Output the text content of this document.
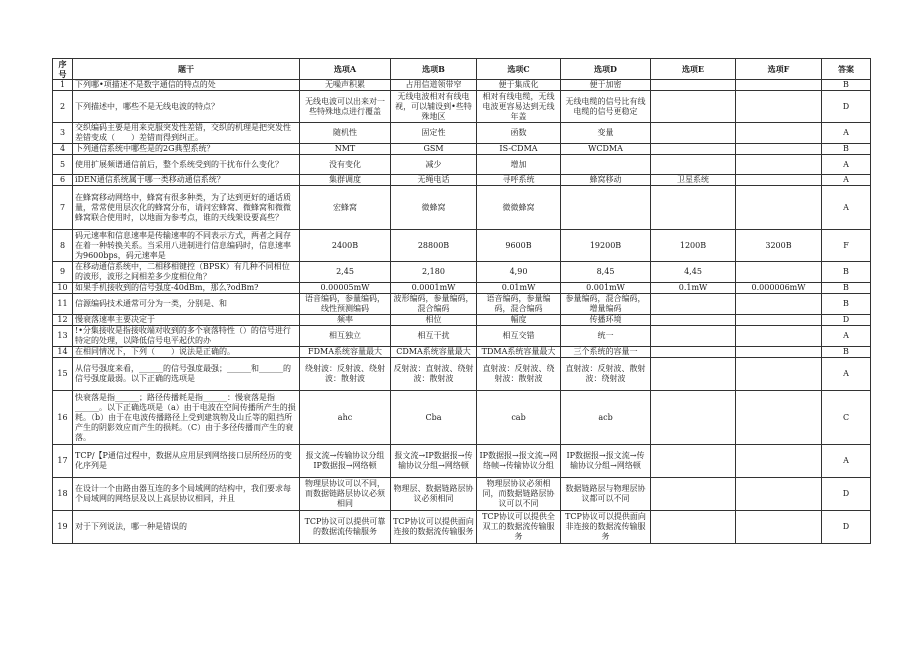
序号	题干	选项A	选项B	选项C	选项D	选项E	选项F	答案
1	下列哪•项描述不是数字通信的特点的处	无噪声积累	占用信道领带窄	便于集成化	便于加密			B
2	下列描述中，哪些不是无线电波的特点？	无线电波可以出来对一些特殊地点进行覆盖	无线电波相对有线电视，可以辅设到•些特殊地区	相对有线电缆，无线电波更容易达到无线年盖	无线电缆的信号比有线电缆的信号更稳定			D
3	交织编码主要是用来克服突发性差错，交织的机理是把突发性差错变成（　　）差错而得到纠正。	随机性	固定性	函数	变量			A
4	卜列通信系统中哪些是的2G典型系统？	NMT	GSM	IS-CDMA	WCDMA			B
5	使用扩展频谱通信前后，整个系统受到的干扰布什么变化？	没有变化	减少	增加				A
6	iDEN通信系统属于哪一类移动通信系统？	集群调度	无绳电话	寻呼系统	蜂窝移动	卫星系统		A
7	在蜂窝移动网络中，蜂窝有很多种类，为了达到更好的通话质量，常常使用层次化的蜂窝分布，请问宏蜂窝、微蜂窝和微微蜂窝联合使用时，以地面为参考点，谁的天线架设要高些？	宏蜂窝	微蜂窝	微微蜂窝				A
8	码元速率和信息速率是传输速率的不同表示方式，两者之间存在着一种转换关系。当采用八进制进行信息编码时，信息速率为9600bps，码元速率是	2400B	28800B	9600B	19200B	1200B	3200B	F
9	在移动通信系统中，二相移相键控（BPSK）有几种不同相位的波形，波形之间相差多少度相位角？	2,45	2,180	4,90	8,45	4,45		B
10	如果手机接收到的信号强度-40dBm，那么?odBm?	0.00005mW	0.0001mW	0.01mW	0.001mW	0.1mW	0.000006mW	B
11	信源编码技术通常可分为一类，分别是、和	语音编码，参量编码，线性预测编码	波形编码，参量编码，混合编码	语音编码，参量编码，混合编码	参量编码，混合编码，增量编码			B
12	慢衰落速率主要决定于	频率	相位	幅度	传播环境			D
13	!•分集接收是指接收端对收到的多个衰落特性（）的信号进行特定的处理，以降低信号电平起伏的办	相互独立	相互干扰	相互交错	统一			A
14	在相同情况下，下列（　　）说法是正确的。	FDMA系统容量最大	CDMA系统容量最大	TDMA系统容量最大	三个系统的容量一			B
15	从信号强度来看，______的信号强度最强；______和______的信号强度最弱。以下正确的选项是	绕射波：反射波、绕射波：散射波	反射波：直射波、绕射波：散射波	直射波：反射波、绕射波：散射波	直射波：反射波、散射波：绕射波			A
16	快衰落是指______；路径传播耗是指______：慢衰落是指______。以下正确选项是（a）由于电波在空间传播所产生的损耗。（b）由于在电波传播路径上受到建筑物及山丘等的阻挡所产生的阴影效应而产生的损耗。（C）由于多径传播而产生的衰落。	ahc	Cba	cab	acb			C
17	TCP/【P通信过程中，数据从应用层到网络接口层所经历的变化序列是	报文流→传输协议分组IP数据报→网络顿	报文流→IP数据报→传输协议分组→网络顿	IP数据报→报文流→网络帧→传输协议分组	IP数据报→报文流→传输协议分组→网络顿			A
18	在设计一个由路由器互连的多个局域网的结构中，我们要求每个局域网的网络层及以上高层协议相同，并且	物理层协议可以不同，而数据链路层协议必须相同	物理层、数据链路层协议必须相同	物理层协议必须相同，而数据链路层协议可以不同	数据链路层与物理层协议都可以不同			D
19	对于下列说法，哪一种是错误的	TCP协议可以提供可靠的数据流传输服务	TCP协议可以提供面向连接的数据流传输服务	TCP协议可以提供全双工的数据流传输服务	TCP协议可以提供面向非连接的数据流传输服务			D
